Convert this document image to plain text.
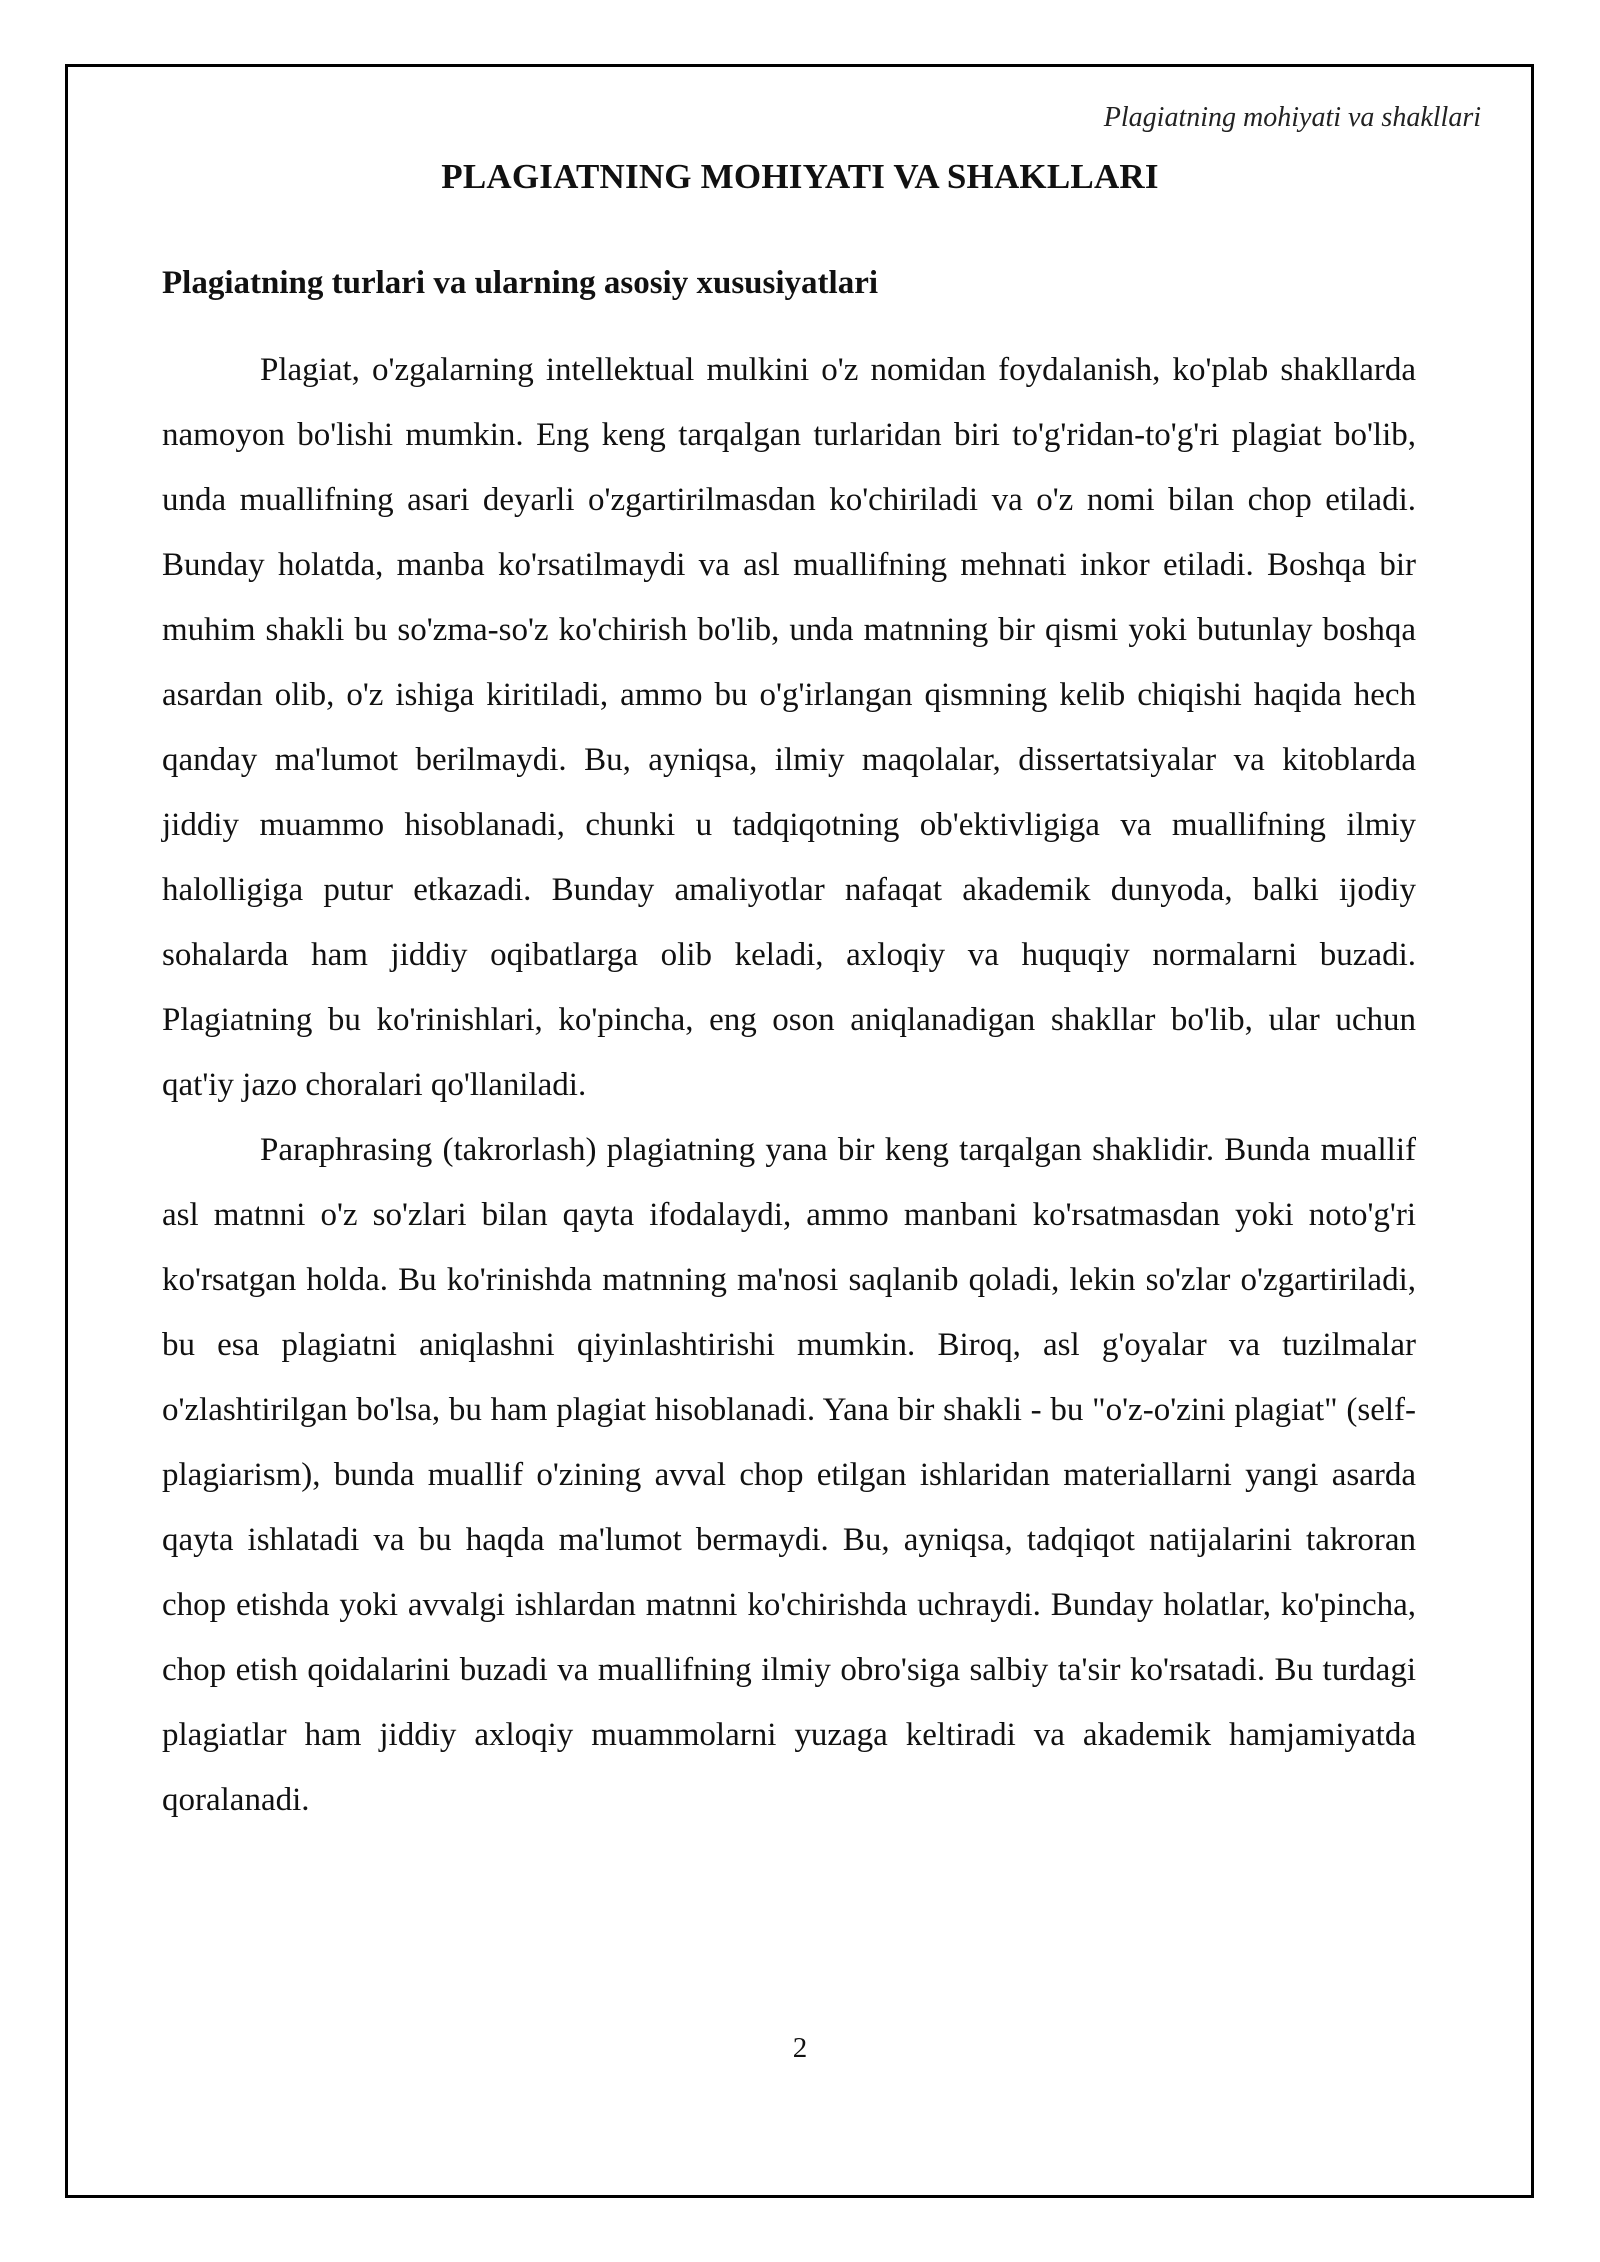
Plagiatning mohiyati va shakllari
PLAGIATNING MOHIYATI VA SHAKLLARI
Plagiatning turlari va ularning asosiy xususiyatlari

Plagiat, o'zgalarning intellektual mulkini o'z nomidan foydalanish, ko'plab shakllarda namoyon bo'lishi mumkin. Eng keng tarqalgan turlaridan biri to'g'ridan-to'g'ri plagiat bo'lib, unda muallifning asari deyarli o'zgartirilmasdan ko'chiriladi va o'z nomi bilan chop etiladi. Bunday holatda, manba ko'rsatilmaydi va asl muallifning mehnati inkor etiladi. Boshqa bir muhim shakli bu so'zma-so'z ko'chirish bo'lib, unda matnning bir qismi yoki butunlay boshqa asardan olib, o'z ishiga kiritiladi, ammo bu o'g'irlangan qismning kelib chiqishi haqida hech qanday ma'lumot berilmaydi. Bu, ayniqsa, ilmiy maqolalar, dissertatsiyalar va kitoblarda jiddiy muammo hisoblanadi, chunki u tadqiqotning ob'ektivligiga va muallifning ilmiy halolligiga putur etkazadi. Bunday amaliyotlar nafaqat akademik dunyoda, balki ijodiy sohalarda ham jiddiy oqibatlarga olib keladi, axloqiy va huquqiy normalarni buzadi. Plagiatning bu ko'rinishlari, ko'pincha, eng oson aniqlanadigan shakllar bo'lib, ular uchun qat'iy jazo choralari qo'llaniladi.

Paraphrasing (takrorlash) plagiatning yana bir keng tarqalgan shaklidir. Bunda muallif asl matnni o'z so'zlari bilan qayta ifodalaydi, ammo manbani ko'rsatmasdan yoki noto'g'ri ko'rsatgan holda. Bu ko'rinishda matnning ma'nosi saqlanib qoladi, lekin so'zlar o'zgartiriladi, bu esa plagiatni aniqlashni qiyinlashtirishi mumkin. Biroq, asl g'oyalar va tuzilmalar o'zlashtirilgan bo'lsa, bu ham plagiat hisoblanadi. Yana bir shakli - bu "o'z-o'zini plagiat" (self-plagiarism), bunda muallif o'zining avval chop etilgan ishlaridan materiallarni yangi asarda qayta ishlatadi va bu haqda ma'lumot bermaydi. Bu, ayniqsa, tadqiqot natijalarini takroran chop etishda yoki avvalgi ishlardan matnni ko'chirishda uchraydi. Bunday holatlar, ko'pincha, chop etish qoidalarini buzadi va muallifning ilmiy obro'siga salbiy ta'sir ko'rsatadi. Bu turdagi plagiatlar ham jiddiy axloqiy muammolarni yuzaga keltiradi va akademik hamjamiyatda qoralanadi.

2
